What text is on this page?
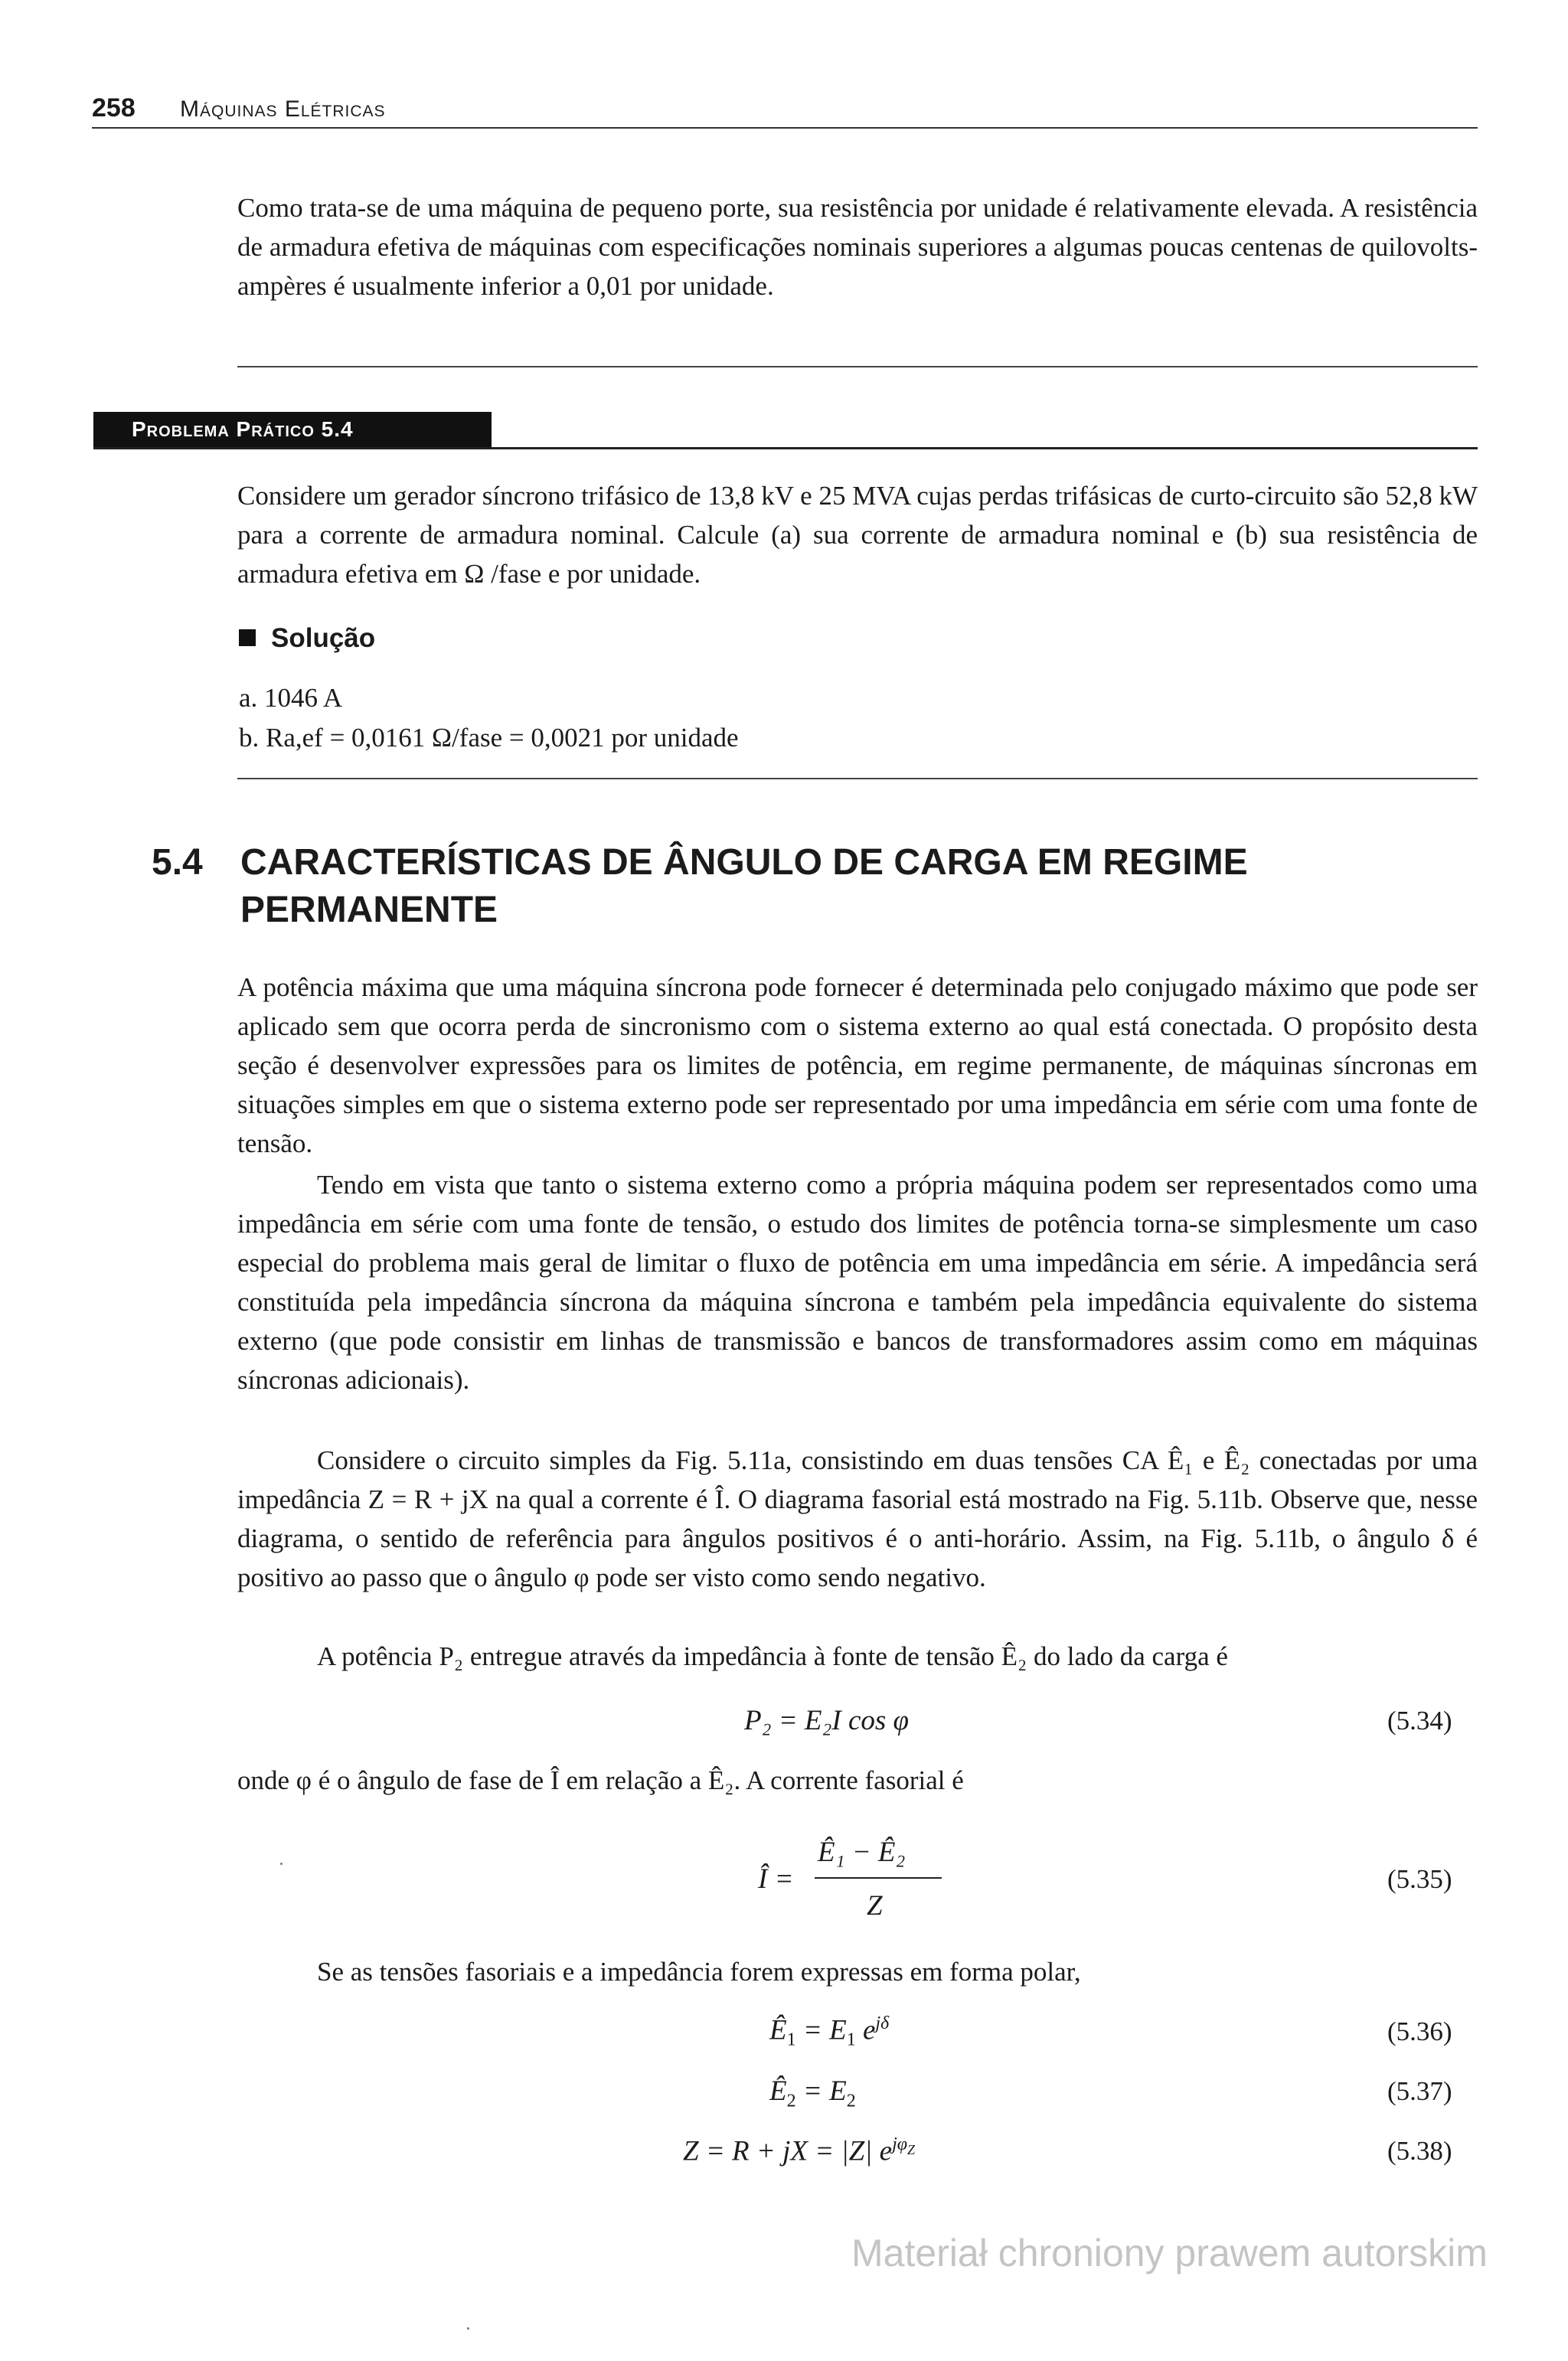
258 Máquinas Elétricas

Como trata-se de uma máquina de pequeno porte, sua resistência por unidade é relativamente elevada. A resistência de armadura efetiva de máquinas com especificações nominais superiores a algumas poucas centenas de quilovolts-ampères é usualmente inferior a 0,01 por unidade.

Problema Prático 5.4

Considere um gerador síncrono trifásico de 13,8 kV e 25 MVA cujas perdas trifásicas de curto-circuito são 52,8 kW para a corrente de armadura nominal. Calcule (a) sua corrente de armadura nominal e (b) sua resistência de armadura efetiva em Ω /fase e por unidade.

Solução
a. 1046 A
b. Ra,ef = 0,0161 Ω/fase = 0,0021 por unidade
5.4 CARACTERÍSTICAS DE ÂNGULO DE CARGA EM REGIME PERMANENTE

A potência máxima que uma máquina síncrona pode fornecer é determinada pelo conjugado máximo que pode ser aplicado sem que ocorra perda de sincronismo com o sistema externo ao qual está conectada. O propósito desta seção é desenvolver expressões para os limites de potência, em regime permanente, de máquinas síncronas em situações simples em que o sistema externo pode ser representado por uma impedância em série com uma fonte de tensão.

Tendo em vista que tanto o sistema externo como a própria máquina podem ser representados como uma impedância em série com uma fonte de tensão, o estudo dos limites de potência torna-se simplesmente um caso especial do problema mais geral de limitar o fluxo de potência em uma impedância em série. A impedância será constituída pela impedância síncrona da máquina síncrona e também pela impedância equivalente do sistema externo (que pode consistir em linhas de transmissão e bancos de transformadores assim como em máquinas síncronas adicionais).

Considere o circuito simples da Fig. 5.11a, consistindo em duas tensões CA Ê₁ e Ê₂ conectadas por uma impedância Z = R + jX na qual a corrente é Î. O diagrama fasorial está mostrado na Fig. 5.11b. Observe que, nesse diagrama, o sentido de referência para ângulos positivos é o anti-horário. Assim, na Fig. 5.11b, o ângulo δ é positivo ao passo que o ângulo φ pode ser visto como sendo negativo.

A potência P₂ entregue através da impedância à fonte de tensão Ê₂ do lado da carga é

P₂ = E₂I cos φ	(5.34)

onde φ é o ângulo de fase de Î em relação a Ê₂. A corrente fasorial é

Î =
Ê₁ − Ê₂
Z
(5.35)

Se as tensões fasoriais e a impedância forem expressas em forma polar,

$Ê_1 = E_1$ $e^{j\delta}$	(5.36)
$Ê_2 = E_2$	(5.37)
Z = R + jX = |Z| $e^{j\varphi_Z}$	(5.38)
Materiał chroniony prawem autorskim
